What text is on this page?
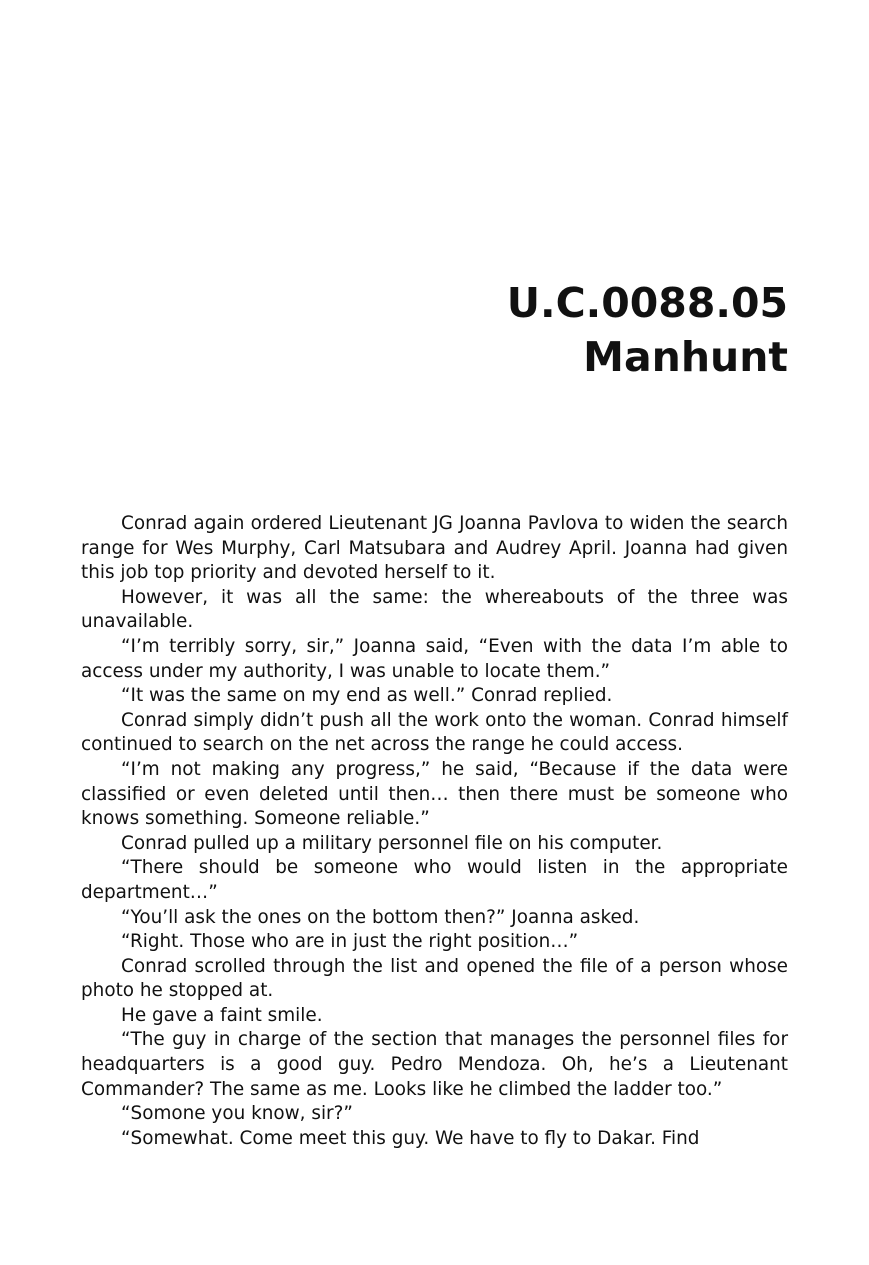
U.C.0088.05
Manhunt

Conrad again ordered Lieutenant JG Joanna Pavlova to widen the search range for Wes Murphy, Carl Matsubara and Audrey April. Joanna had given this job top priority and devoted herself to it.

However, it was all the same: the whereabouts of the three was unavailable.

“I’m terribly sorry, sir,” Joanna said, “Even with the data I’m able to access under my authority, I was unable to locate them.”

“It was the same on my end as well.” Conrad replied.

Conrad simply didn’t push all the work onto the woman. Conrad himself continued to search on the net across the range he could access.

“I’m not making any progress,” he said, “Because if the data were classified or even deleted until then… then there must be someone who knows something. Someone reliable.”

Conrad pulled up a military personnel file on his computer.

“There should be someone who would listen in the appropriate department…”

“You’ll ask the ones on the bottom then?” Joanna asked.

“Right. Those who are in just the right position…”

Conrad scrolled through the list and opened the file of a person whose photo he stopped at.

He gave a faint smile.

“The guy in charge of the section that manages the personnel files for headquarters is a good guy. Pedro Mendoza. Oh, he’s a Lieutenant Commander? The same as me. Looks like he climbed the ladder too.”

“Somone you know, sir?”

“Somewhat. Come meet this guy. We have to fly to Dakar. Find
